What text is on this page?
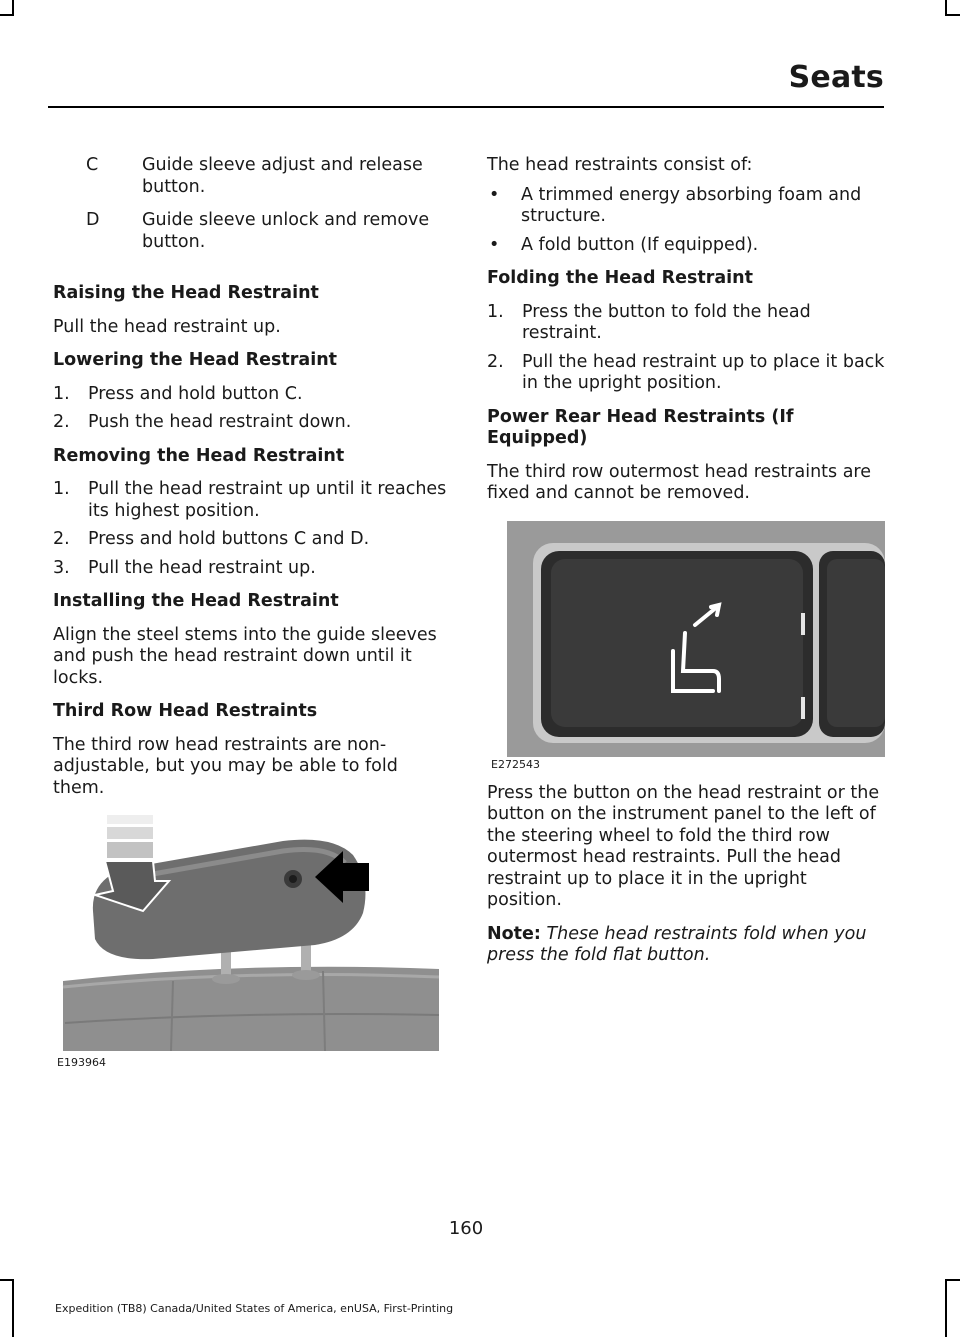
Seats
C	Guide sleeve adjust and release button.
D	Guide sleeve unlock and remove button.
Raising the Head Restraint

Pull the head restraint up.

Lowering the Head Restraint
1.	Press and hold button C.
2.	Push the head restraint down.
Removing the Head Restraint
1.	Pull the head restraint up until it reaches its highest position.
2.	Press and hold buttons C and D.
3.	Pull the head restraint up.
Installing the Head Restraint

Align the steel stems into the guide sleeves and push the head restraint down until it locks.

Third Row Head Restraints

The third row head restraints are non-adjustable, but you may be able to fold them.

E193964

The head restraints consist of:

•	A trimmed energy absorbing foam and structure.
•	A fold button (If equipped).
Folding the Head Restraint
1.	Press the button to fold the head restraint.
2.	Pull the head restraint up to place it back in the upright position.
Power Rear Head Restraints (If Equipped)

The third row outermost head restraints are fixed and cannot be removed.

E272543

Press the button on the head restraint or the button on the instrument panel to the left of the steering wheel to fold the third row outermost head restraints. Pull the head restraint up to place it in the upright position.

Note: These head restraints fold when you press the fold flat button.

160
Expedition (TB8) Canada/United States of America, enUSA, First-Printing
